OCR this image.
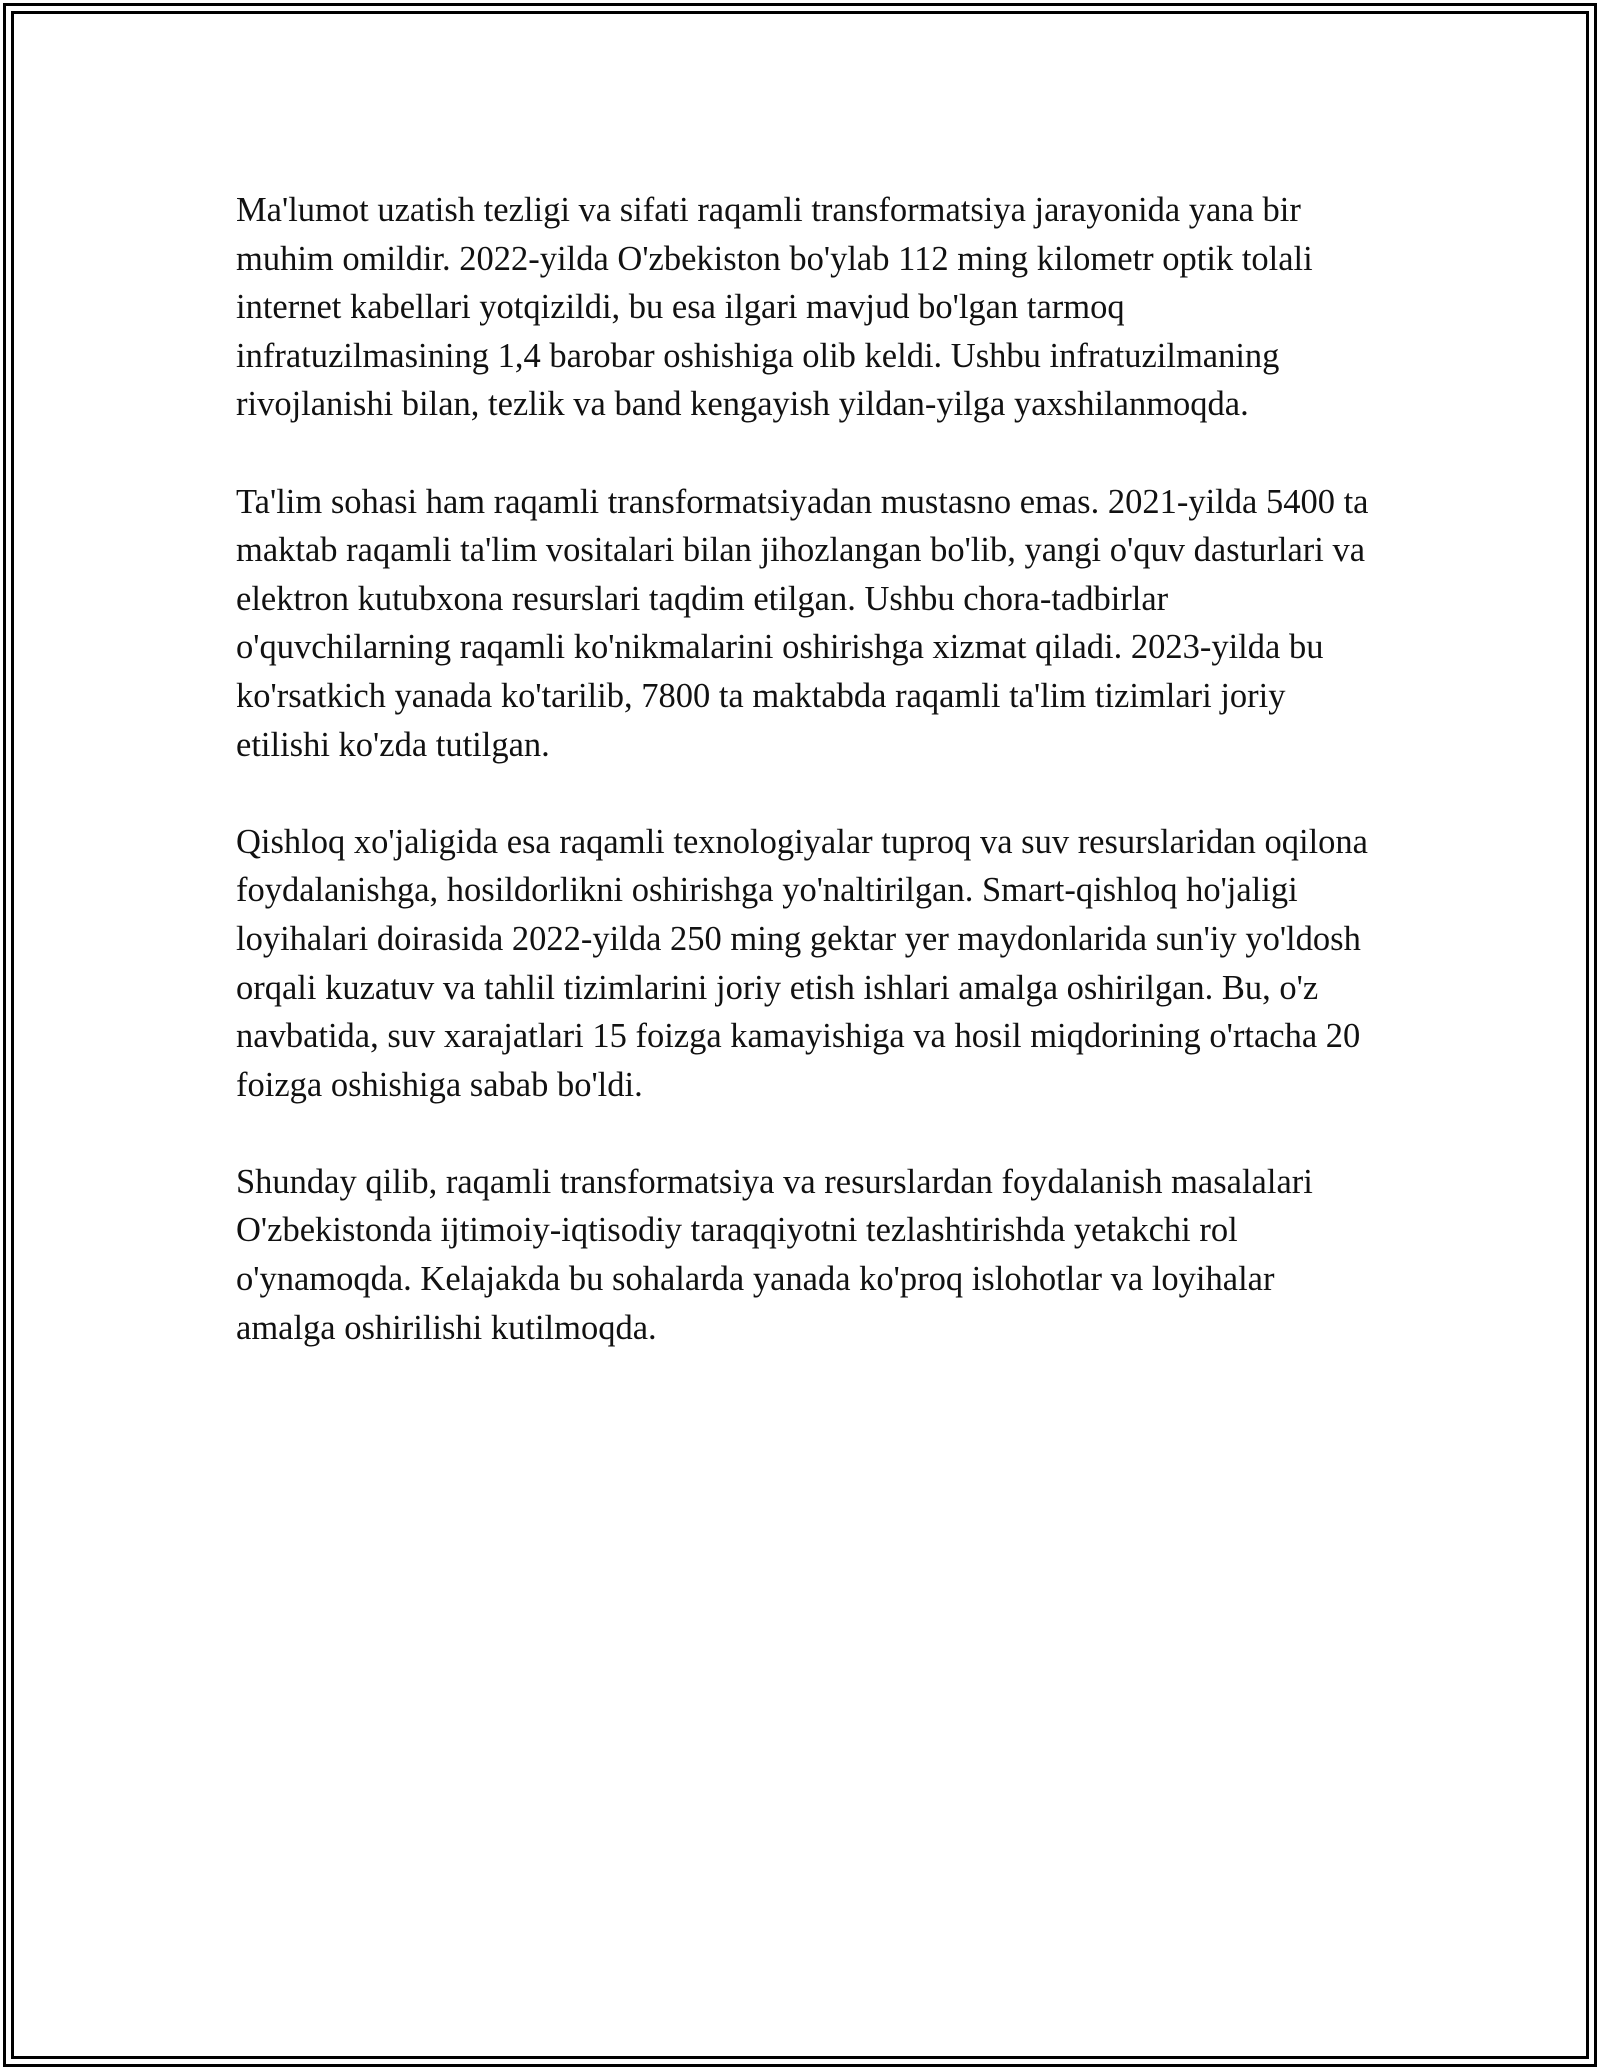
Ma'lumot uzatish tezligi va sifati raqamli transformatsiya jarayonida yana bir muhim omildir. 2022-yilda O'zbekiston bo'ylab 112 ming kilometr optik tolali internet kabellari yotqizildi, bu esa ilgari mavjud bo'lgan tarmoq infratuzilmasining 1,4 barobar oshishiga olib keldi. Ushbu infratuzilmaning rivojlanishi bilan, tezlik va band kengayish yildan-yilga yaxshilanmoqda.

Ta'lim sohasi ham raqamli transformatsiyadan mustasno emas. 2021-yilda 5400 ta maktab raqamli ta'lim vositalari bilan jihozlangan bo'lib, yangi o'quv dasturlari va elektron kutubxona resurslari taqdim etilgan. Ushbu chora-tadbirlar o'quvchilarning raqamli ko'nikmalarini oshirishga xizmat qiladi. 2023-yilda bu ko'rsatkich yanada ko'tarilib, 7800 ta maktabda raqamli ta'lim tizimlari joriy etilishi ko'zda tutilgan.

Qishloq xo'jaligida esa raqamli texnologiyalar tuproq va suv resurslaridan oqilona foydalanishga, hosildorlikni oshirishga yo'naltirilgan. Smart-qishloq ho'jaligi loyihalari doirasida 2022-yilda 250 ming gektar yer maydonlarida sun'iy yo'ldosh orqali kuzatuv va tahlil tizimlarini joriy etish ishlari amalga oshirilgan. Bu, o'z navbatida, suv xarajatlari 15 foizga kamayishiga va hosil miqdorining o'rtacha 20 foizga oshishiga sabab bo'ldi.

Shunday qilib, raqamli transformatsiya va resurslardan foydalanish masalalari O'zbekistonda ijtimoiy-iqtisodiy taraqqiyotni tezlashtirishda yetakchi rol o'ynamoqda. Kelajakda bu sohalarda yanada ko'proq islohotlar va loyihalar amalga oshirilishi kutilmoqda.
